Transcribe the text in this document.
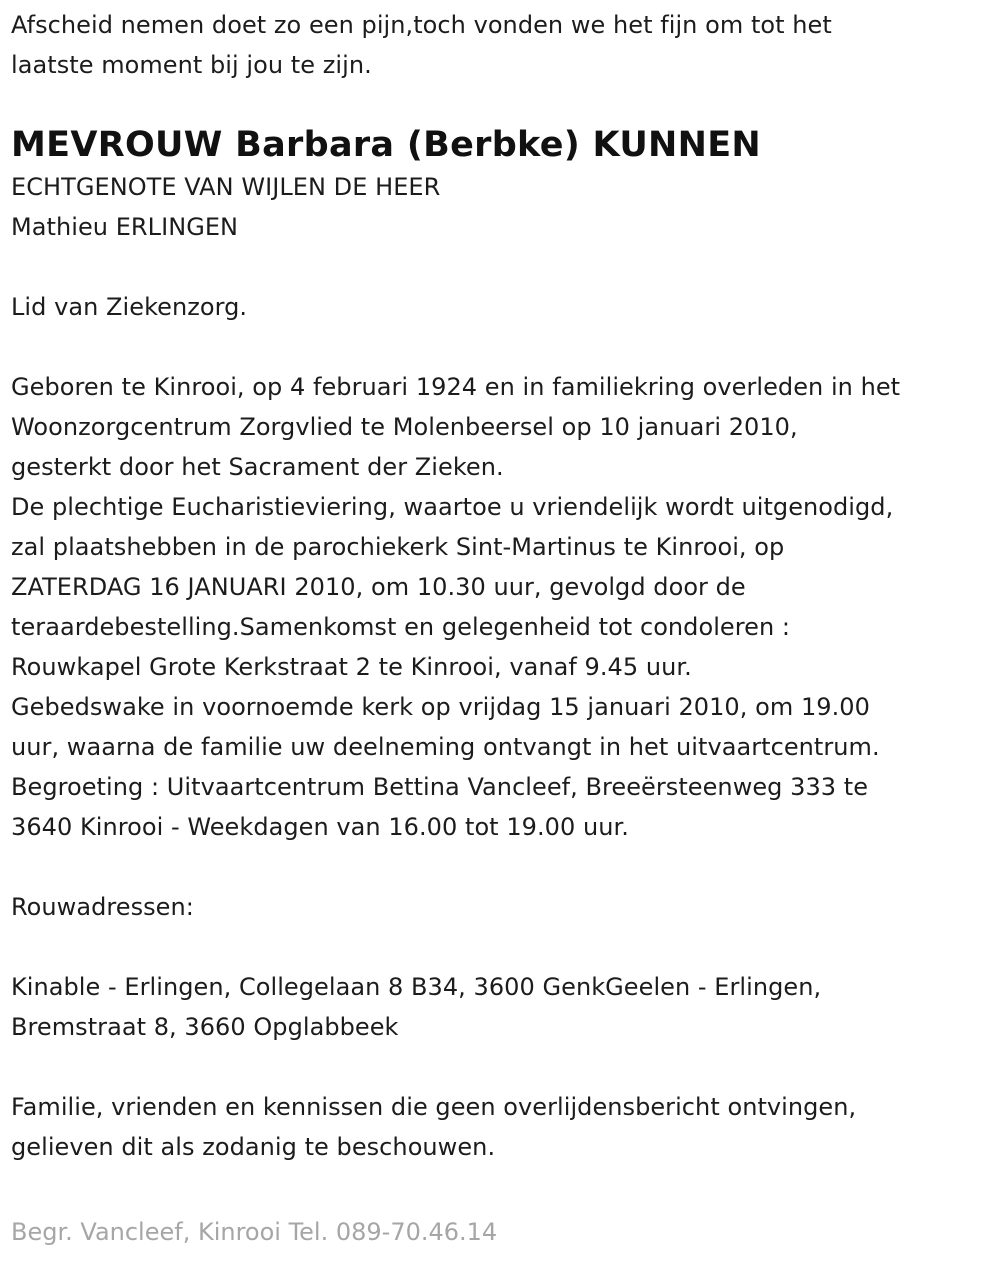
Afscheid nemen doet zo een pijn,toch vonden we het fijn om tot het
laatste moment bij jou te zijn.
MEVROUW Barbara (Berbke) KUNNEN
ECHTGENOTE VAN WIJLEN DE HEER
Mathieu ERLINGEN
Lid van Ziekenzorg.
Geboren te Kinrooi, op 4 februari 1924 en in familiekring overleden in het
Woonzorgcentrum Zorgvlied te Molenbeersel op 10 januari 2010,
gesterkt door het Sacrament der Zieken.
De plechtige Eucharistieviering, waartoe u vriendelijk wordt uitgenodigd,
zal plaatshebben in de parochiekerk Sint-Martinus te Kinrooi, op
ZATERDAG 16 JANUARI 2010, om 10.30 uur, gevolgd door de
teraardebestelling.Samenkomst en gelegenheid tot condoleren :
Rouwkapel Grote Kerkstraat 2 te Kinrooi, vanaf 9.45 uur.
Gebedswake in voornoemde kerk op vrijdag 15 januari 2010, om 19.00
uur, waarna de familie uw deelneming ontvangt in het uitvaartcentrum.
Begroeting : Uitvaartcentrum Bettina Vancleef, Breeërsteenweg 333 te
3640 Kinrooi - Weekdagen van 16.00 tot 19.00 uur.
Rouwadressen:
Kinable - Erlingen, Collegelaan 8 B34, 3600 GenkGeelen - Erlingen,
Bremstraat 8, 3660 Opglabbeek
Familie, vrienden en kennissen die geen overlijdensbericht ontvingen,
gelieven dit als zodanig te beschouwen.
Begr. Vancleef, Kinrooi Tel. 089-70.46.14
